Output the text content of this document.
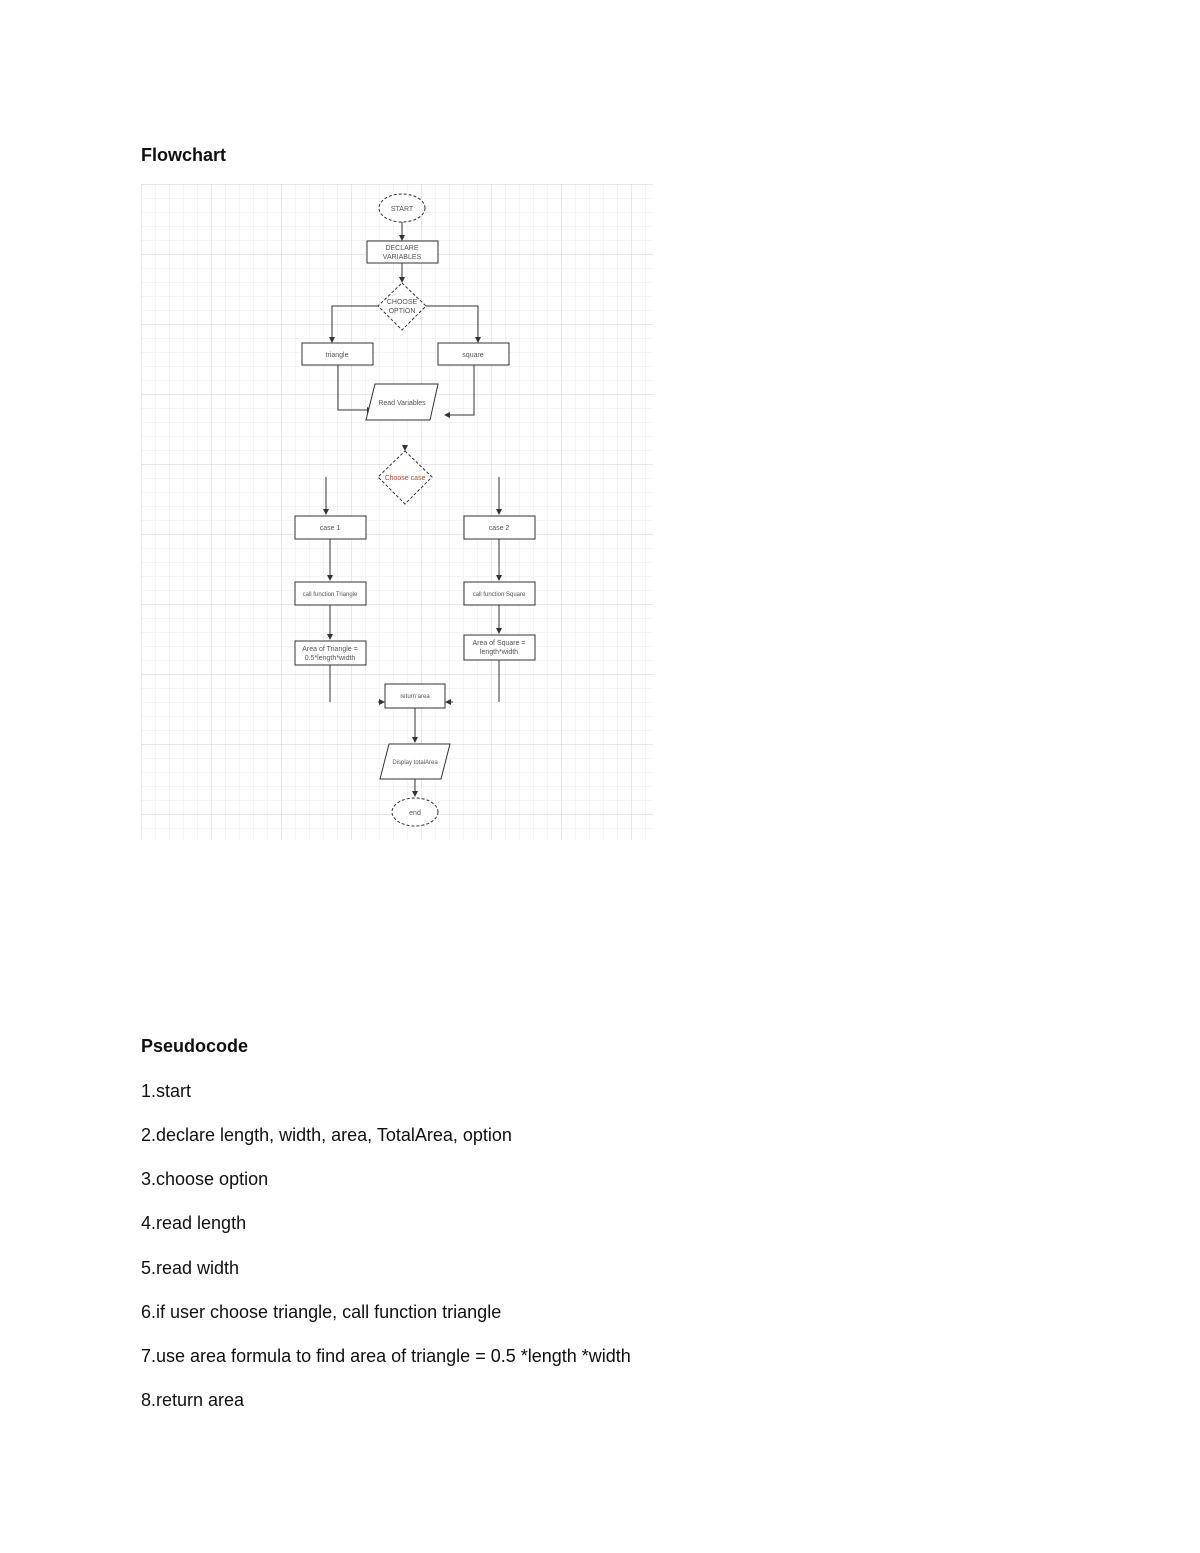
Flowchart
START
DECLARE
VARIABLES
CHOOSE
OPTION
triangle	square
Read Variables
Choose case
case 1	case 2
call function Triangle	call function Square
Area of Triangle =
0.5*length*width
Area of Square =
length*width
return area
Display totalArea
end
Pseudocode

1.start

2.declare length, width, area, TotalArea, option

3.choose option

4.read length

5.read width

6.if user choose triangle, call function triangle

7.use area formula to find area of triangle = 0.5 *length *width

8.return area
